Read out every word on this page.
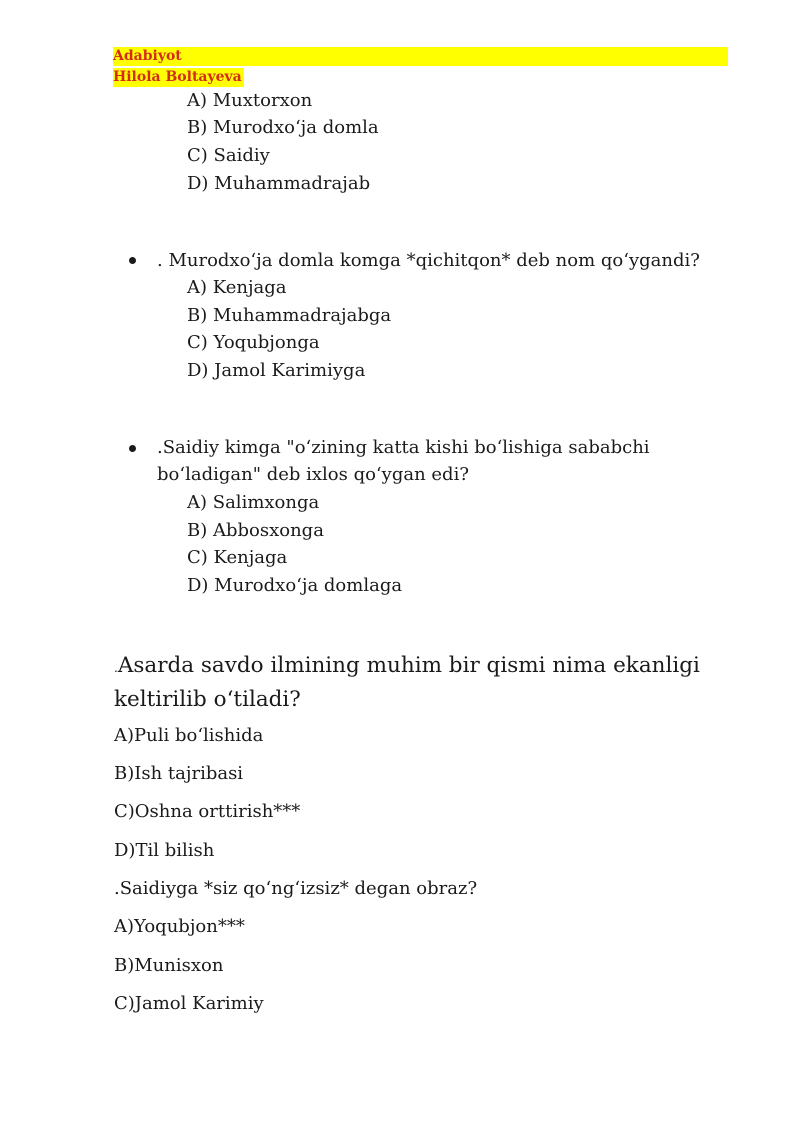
Adabiyot
Hilola Boltayeva
A) Muxtorxon
B) Murodxoʻja domla
C) Saidiy
D) Muhammadrajab
. Murodxoʻja domla komga *qichitqon* deb nom qoʻygandi?
A) Kenjaga
B) Muhammadrajabga
C) Yoqubjonga
D) Jamol Karimiyga
.Saidiy kimga "oʻzining katta kishi boʻlishiga sababchi boʻladigan" deb ixlos qoʻygan edi?
A) Salimxonga
B) Abbosxonga
C) Kenjaga
D) Murodxoʻja domlaga
.Asarda savdo ilmining muhim bir qismi nima ekanligi keltirilib oʻtiladi?
A)Puli boʻlishida
B)Ish tajribasi
C)Oshna orttirish***
D)Til bilish
.Saidiyga *siz qoʻngʻizsiz* degan obraz?
A)Yoqubjon***
B)Munisxon
C)Jamol Karimiy
